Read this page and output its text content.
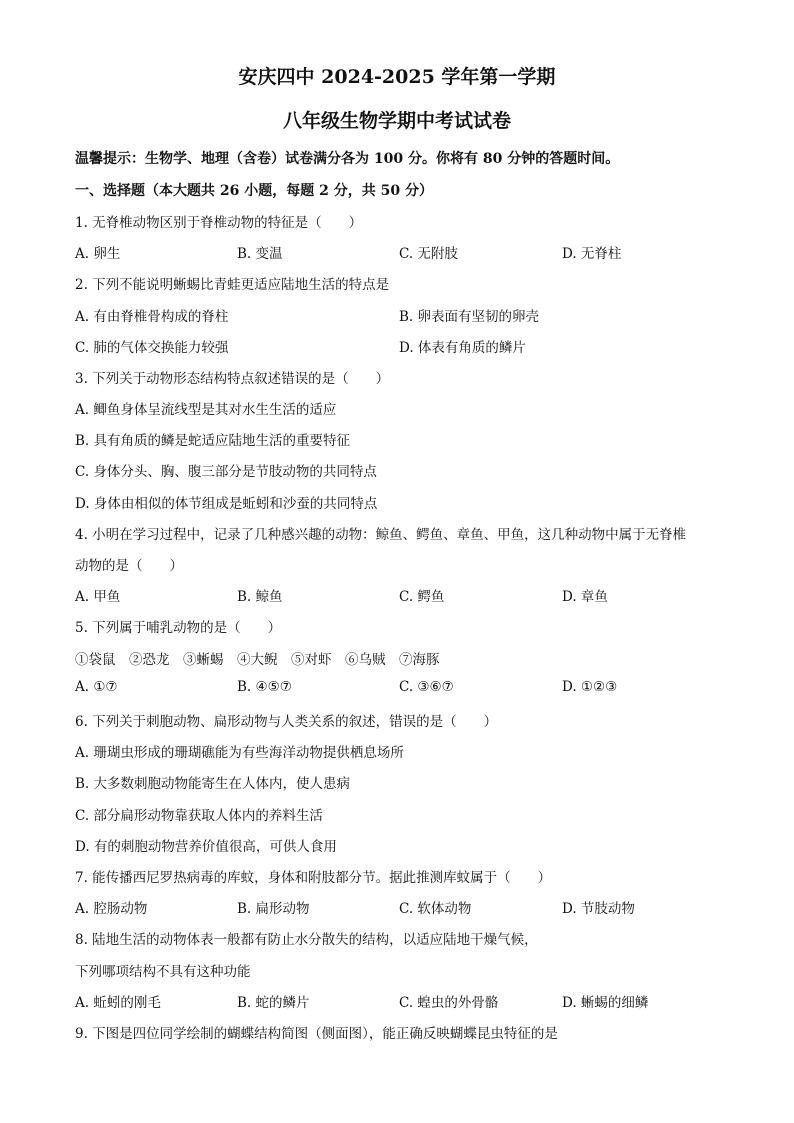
安庆四中 2024-2025 学年第一学期
八年级生物学期中考试试卷
温馨提示：生物学、地理（含卷）试卷满分各为 100 分。你将有 80 分钟的答题时间。
一、选择题（本大题共 26 小题，每题 2 分，共 50 分）
1. 无脊椎动物区别于脊椎动物的特征是（　　）
A. 卵生	B. 变温	C. 无附肢	D. 无脊柱
2. 下列不能说明蜥蜴比青蛙更适应陆地生活的特点是
A. 有由脊椎骨构成的脊柱	B. 卵表面有坚韧的卵壳
C. 肺的气体交换能力较强	D. 体表有角质的鳞片
3. 下列关于动物形态结构特点叙述错误的是（　　）
A. 鲫鱼身体呈流线型是其对水生生活的适应
B. 具有角质的鳞是蛇适应陆地生活的重要特征
C. 身体分头、胸、腹三部分是节肢动物的共同特点
D. 身体由相似的体节组成是蚯蚓和沙蚕的共同特点
4. 小明在学习过程中，记录了几种感兴趣的动物：鲸鱼、鳄鱼、章鱼、甲鱼，这几种动物中属于无脊椎
动物的是（　　）
A. 甲鱼	B. 鲸鱼	C. 鳄鱼	D. 章鱼
5. 下列属于哺乳动物的是（　　）
①袋鼠　②恐龙　③蜥蜴　④大鲵　⑤对虾　⑥乌贼　⑦海豚
A. ①⑦	B. ④⑤⑦	C. ③⑥⑦	D. ①②③
6. 下列关于刺胞动物、扁形动物与人类关系的叙述，错误的是（　　）
A. 珊瑚虫形成的珊瑚礁能为有些海洋动物提供栖息场所
B. 大多数刺胞动物能寄生在人体内，使人患病
C. 部分扁形动物靠获取人体内的养料生活
D. 有的刺胞动物营养价值很高，可供人食用
7. 能传播西尼罗热病毒的库蚊，身体和附肢都分节。据此推测库蚊属于（　　）
A. 腔肠动物	B. 扁形动物	C. 软体动物	D. 节肢动物
8. 陆地生活的动物体表一般都有防止水分散失的结构，以适应陆地干燥气候，
下列哪项结构不具有这种功能
A. 蚯蚓的刚毛	B. 蛇的鳞片	C. 蝗虫的外骨骼	D. 蜥蜴的细鳞
9. 下图是四位同学绘制的蝴蝶结构简图（侧面图），能正确反映蝴蝶昆虫特征的是
